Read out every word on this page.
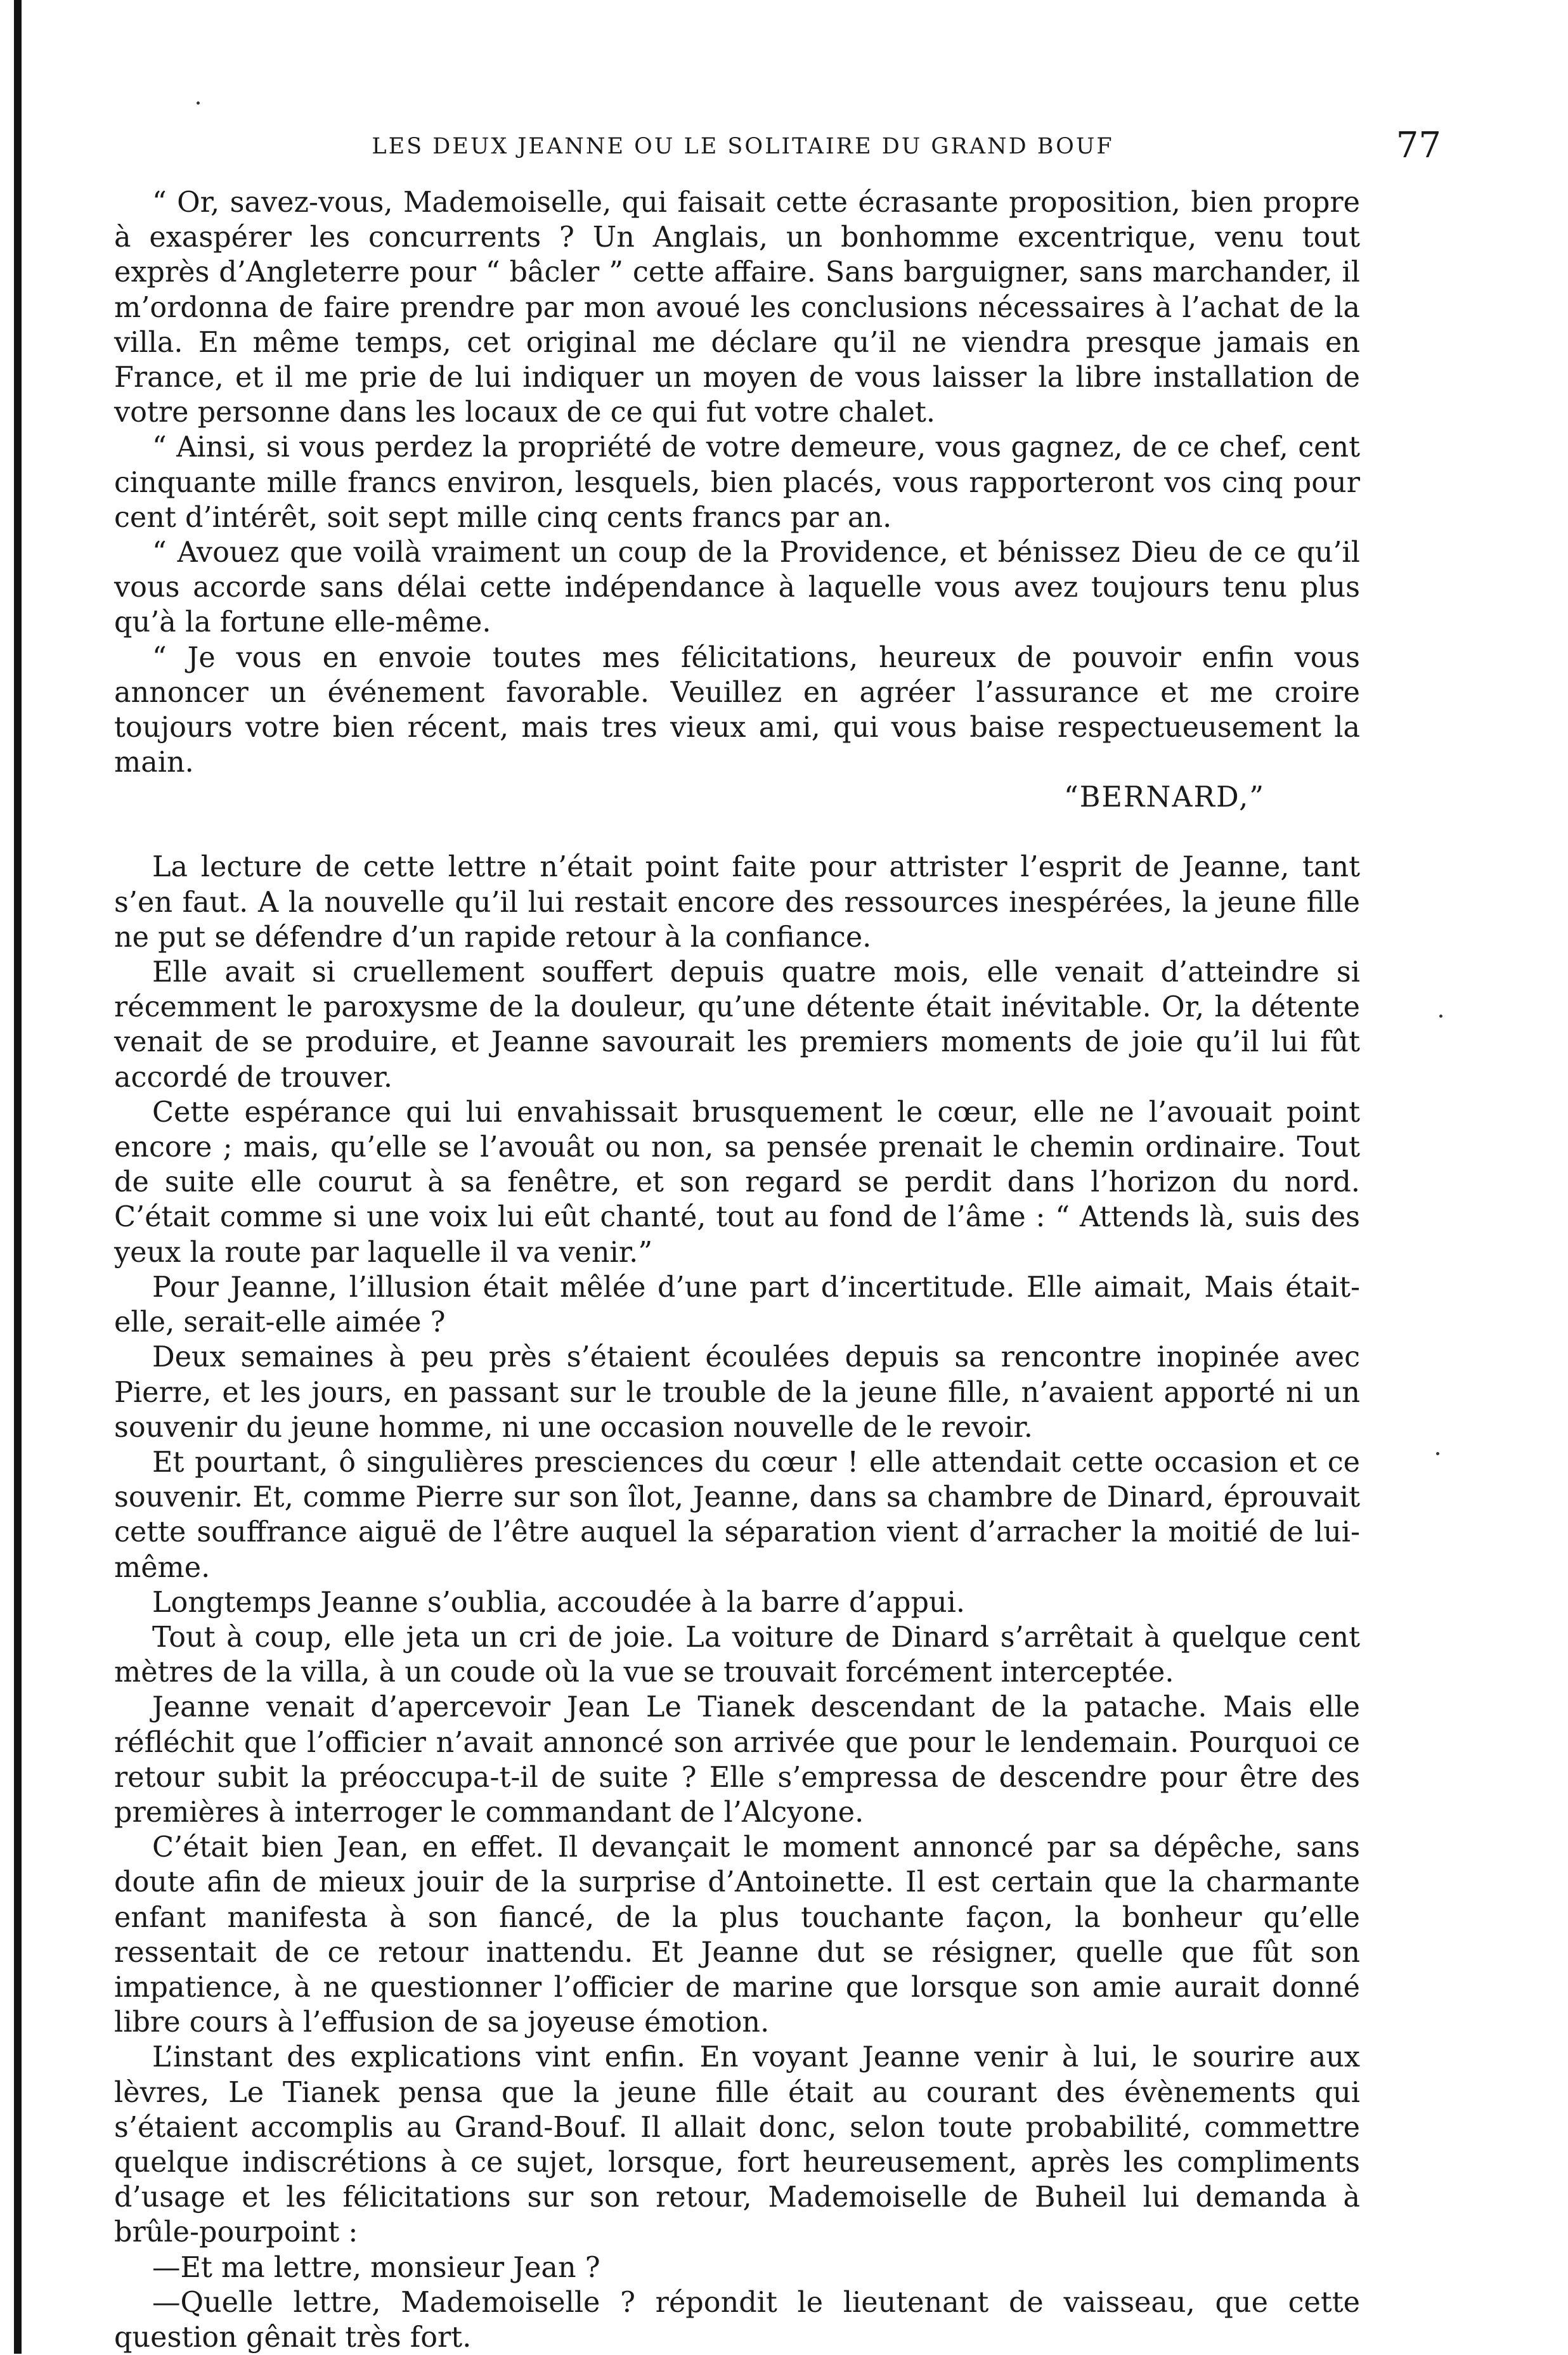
LES DEUX JEANNE OU LE SOLITAIRE DU GRAND BOUF	77

“ Or, savez-vous, Mademoiselle, qui faisait cette écrasante proposition, bien propre à exaspérer les concurrents ? Un Anglais, un bonhomme excentrique, venu tout exprès d’Angleterre pour “ bâcler ” cette affaire. Sans barguigner, sans marchander, il m’ordonna de faire prendre par mon avoué les conclusions nécessaires à l’achat de la villa. En même temps, cet original me déclare qu’il ne viendra presque jamais en France, et il me prie de lui indiquer un moyen de vous laisser la libre installation de votre personne dans les locaux de ce qui fut votre chalet.

“ Ainsi, si vous perdez la propriété de votre demeure, vous gagnez, de ce chef, cent cinquante mille francs environ, lesquels, bien placés, vous rapporteront vos cinq pour cent d’intérêt, soit sept mille cinq cents francs par an.

“ Avouez que voilà vraiment un coup de la Providence, et bénissez Dieu de ce qu’il vous accorde sans délai cette indépendance à laquelle vous avez toujours tenu plus qu’à la fortune elle-même.

“ Je vous en envoie toutes mes félicitations, heureux de pouvoir enfin vous annoncer un événement favorable. Veuillez en agréer l’assurance et me croire toujours votre bien récent, mais tres vieux ami, qui vous baise respectueusement la main.

“BERNARD,”

La lecture de cette lettre n’était point faite pour attrister l’esprit de Jeanne, tant s’en faut. A la nouvelle qu’il lui restait encore des ressources inespérées, la jeune fille ne put se défendre d’un rapide retour à la confiance.

Elle avait si cruellement souffert depuis quatre mois, elle venait d’atteindre si récemment le paroxysme de la douleur, qu’une détente était inévitable. Or, la détente venait de se produire, et Jeanne savourait les premiers moments de joie qu’il lui fût accordé de trouver.

Cette espérance qui lui envahissait brusquement le cœur, elle ne l’avouait point encore ; mais, qu’elle se l’avouât ou non, sa pensée prenait le chemin ordinaire. Tout de suite elle courut à sa fenêtre, et son regard se perdit dans l’horizon du nord. C’était comme si une voix lui eût chanté, tout au fond de l’âme : “ Attends là, suis des yeux la route par laquelle il va venir.”

Pour Jeanne, l’illusion était mêlée d’une part d’incertitude. Elle aimait, Mais était-elle, serait-elle aimée ?

Deux semaines à peu près s’étaient écoulées depuis sa rencontre inopinée avec Pierre, et les jours, en passant sur le trouble de la jeune fille, n’avaient apporté ni un souvenir du jeune homme, ni une occasion nouvelle de le revoir.

Et pourtant, ô singulières presciences du cœur ! elle attendait cette occasion et ce souvenir. Et, comme Pierre sur son îlot, Jeanne, dans sa chambre de Dinard, éprouvait cette souffrance aiguë de l’être auquel la séparation vient d’arracher la moitié de lui-même.

Longtemps Jeanne s’oublia, accoudée à la barre d’appui.

Tout à coup, elle jeta un cri de joie. La voiture de Dinard s’arrêtait à quelque cent mètres de la villa, à un coude où la vue se trouvait forcément interceptée.

Jeanne venait d’apercevoir Jean Le Tianek descendant de la patache. Mais elle réfléchit que l’officier n’avait annoncé son arrivée que pour le lendemain. Pourquoi ce retour subit la préoccupa-t-il de suite ? Elle s’empressa de descendre pour être des premières à interroger le commandant de l’Alcyone.

C’était bien Jean, en effet. Il devançait le moment annoncé par sa dépêche, sans doute afin de mieux jouir de la surprise d’Antoinette. Il est certain que la charmante enfant manifesta à son fiancé, de la plus touchante façon, la bonheur qu’elle ressentait de ce retour inattendu. Et Jeanne dut se résigner, quelle que fût son impatience, à ne questionner l’officier de marine que lorsque son amie aurait donné libre cours à l’effusion de sa joyeuse émotion.

L’instant des explications vint enfin. En voyant Jeanne venir à lui, le sourire aux lèvres, Le Tianek pensa que la jeune fille était au courant des évènements qui s’étaient accomplis au Grand-Bouf. Il allait donc, selon toute probabilité, commettre quelque indiscrétions à ce sujet, lorsque, fort heureusement, après les compliments d’usage et les félicitations sur son retour, Mademoiselle de Buheil lui demanda à brûle-pourpoint :

—Et ma lettre, monsieur Jean ?

—Quelle lettre, Mademoiselle ? répondit le lieutenant de vaisseau, que cette question gênait très fort.
